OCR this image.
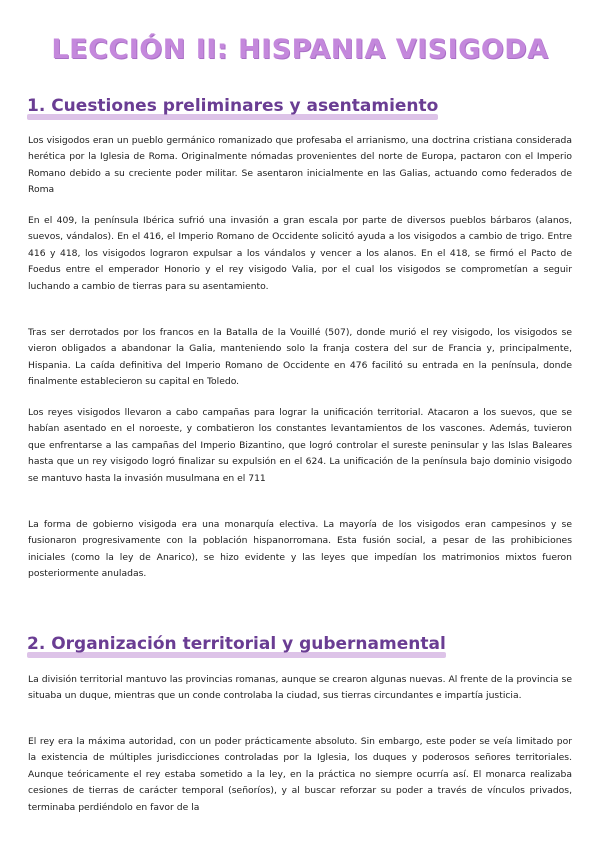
LECCIÓN II: HISPANIA VISIGODA
1. Cuestiones preliminares y asentamiento

Los visigodos eran un pueblo germánico romanizado que profesaba el arrianismo, una doctrina cristiana considerada herética por la Iglesia de Roma. Originalmente nómadas provenientes del norte de Europa, pactaron con el Imperio Romano debido a su creciente poder militar. Se asentaron inicialmente en las Galias, actuando como federados de Roma

En el 409, la península Ibérica sufrió una invasión a gran escala por parte de diversos pueblos bárbaros (alanos, suevos, vándalos). En el 416, el Imperio Romano de Occidente solicitó ayuda a los visigodos a cambio de trigo. Entre 416 y 418, los visigodos lograron expulsar a los vándalos y vencer a los alanos. En el 418, se firmó el Pacto de Foedus entre el emperador Honorio y el rey visigodo Valia, por el cual los visigodos se comprometían a seguir luchando a cambio de tierras para su asentamiento.

Tras ser derrotados por los francos en la Batalla de la Vouillé (507), donde murió el rey visigodo, los visigodos se vieron obligados a abandonar la Galia, manteniendo solo la franja costera del sur de Francia y, principalmente, Hispania. La caída definitiva del Imperio Romano de Occidente en 476 facilitó su entrada en la península, donde finalmente establecieron su capital en Toledo.

Los reyes visigodos llevaron a cabo campañas para lograr la unificación territorial. Atacaron a los suevos, que se habían asentado en el noroeste, y combatieron los constantes levantamientos de los vascones. Además, tuvieron que enfrentarse a las campañas del Imperio Bizantino, que logró controlar el sureste peninsular y las Islas Baleares hasta que un rey visigodo logró finalizar su expulsión en el 624. La unificación de la península bajo dominio visigodo se mantuvo hasta la invasión musulmana en el 711

La forma de gobierno visigoda era una monarquía electiva. La mayoría de los visigodos eran campesinos y se fusionaron progresivamente con la población hispanorromana. Esta fusión social, a pesar de las prohibiciones iniciales (como la ley de Anarico), se hizo evidente y las leyes que impedían los matrimonios mixtos fueron posteriormente anuladas.

2. Organización territorial y gubernamental

La división territorial mantuvo las provincias romanas, aunque se crearon algunas nuevas. Al frente de la provincia se situaba un duque, mientras que un conde controlaba la ciudad, sus tierras circundantes e impartía justicia.

El rey era la máxima autoridad, con un poder prácticamente absoluto. Sin embargo, este poder se veía limitado por la existencia de múltiples jurisdicciones controladas por la Iglesia, los duques y poderosos señores territoriales. Aunque teóricamente el rey estaba sometido a la ley, en la práctica no siempre ocurría así. El monarca realizaba cesiones de tierras de carácter temporal (señoríos), y al buscar reforzar su poder a través de vínculos privados, terminaba perdiéndolo en favor de la
